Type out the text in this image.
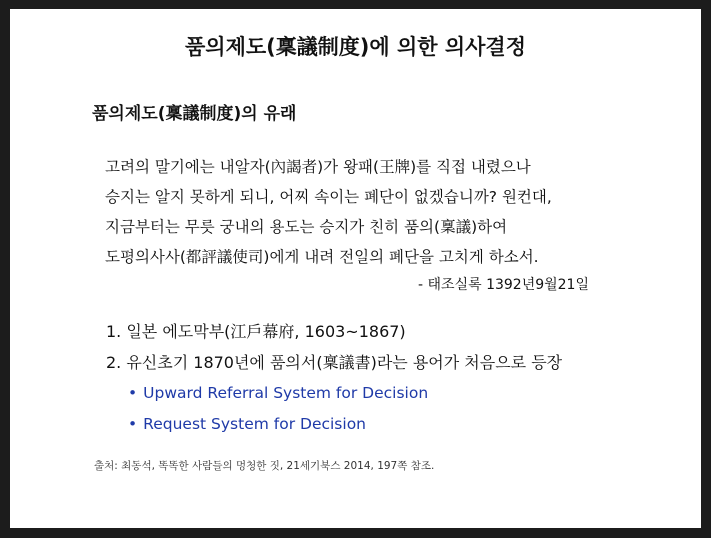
품의제도(稟議制度)에 의한 의사결정
품의제도(稟議制度)의 유래
고려의 말기에는 내알자(內謁者)가 왕패(王牌)를 직접 내렸으나
승지는 알지 못하게 되니, 어찌 속이는 폐단이 없겠습니까? 원컨대,
지금부터는 무릇 궁내의 용도는 승지가 친히 품의(稟議)하여
도평의사사(都評議使司)에게 내려 전일의 폐단을 고치게 하소서.
- 태조실록 1392년9월21일
1. 일본 에도막부(江戶幕府, 1603~1867)
2. 유신초기 1870년에 품의서(稟議書)라는 용어가 처음으로 등장
• Upward Referral System for Decision
• Request System for Decision
출처: 최동석, 똑똑한 사람들의 멍청한 짓, 21세기북스 2014, 197쪽 참조.
